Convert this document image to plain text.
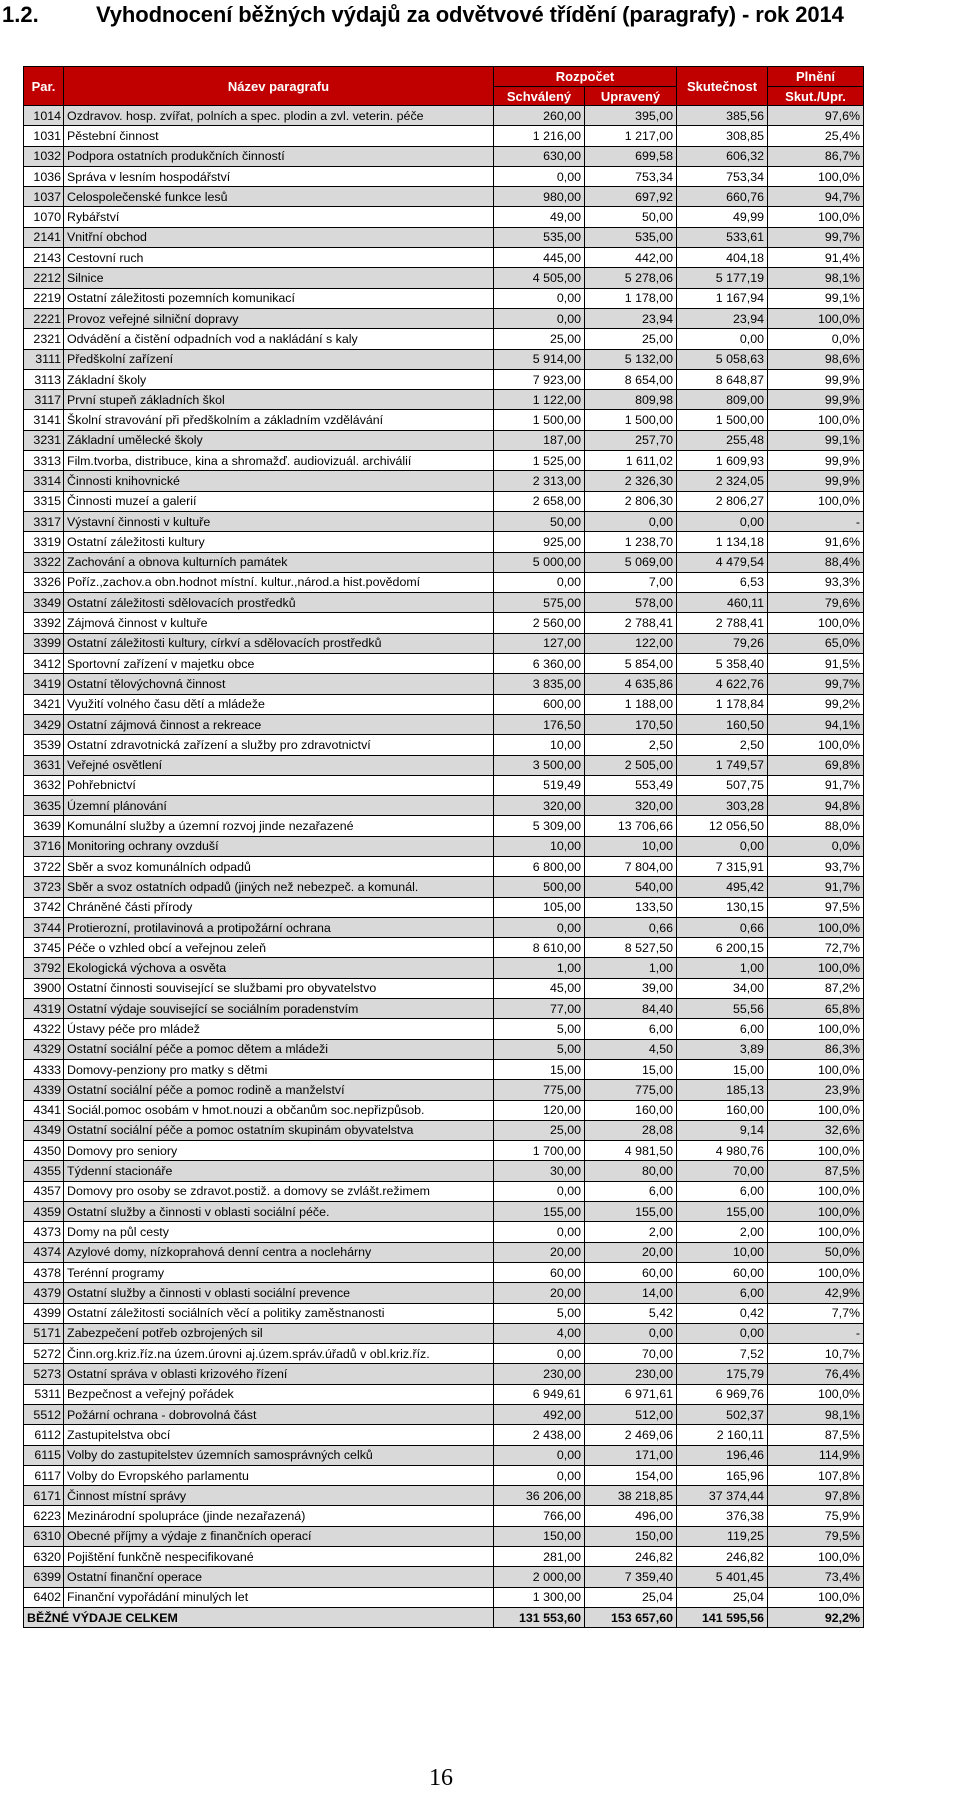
1.2.	Vyhodnocení běžných výdajů za odvětvové třídění (paragrafy) - rok 2014
Par.	Název paragrafu	Rozpočet		Skutečnost	Plnění
		Schválený	Upravený		Skut./Upr.
1014	Ozdravov. hosp. zvířat, polních a spec. plodin a zvl. veterin. péče	260,00	395,00	385,56	97,6%
1031	Pěstební činnost	1 216,00	1 217,00	308,85	25,4%
1032	Podpora ostatních produkčních činností	630,00	699,58	606,32	86,7%
1036	Správa v lesním hospodářství	0,00	753,34	753,34	100,0%
1037	Celospolečenské funkce lesů	980,00	697,92	660,76	94,7%
1070	Rybářství	49,00	50,00	49,99	100,0%
2141	Vnitřní obchod	535,00	535,00	533,61	99,7%
2143	Cestovní ruch	445,00	442,00	404,18	91,4%
2212	Silnice	4 505,00	5 278,06	5 177,19	98,1%
2219	Ostatní záležitosti pozemních komunikací	0,00	1 178,00	1 167,94	99,1%
2221	Provoz veřejné silniční dopravy	0,00	23,94	23,94	100,0%
2321	Odvádění a čistění odpadních vod a nakládání s kaly	25,00	25,00	0,00	0,0%
3111	Předškolní zařízení	5 914,00	5 132,00	5 058,63	98,6%
3113	Základní školy	7 923,00	8 654,00	8 648,87	99,9%
3117	První stupeň základních škol	1 122,00	809,98	809,00	99,9%
3141	Školní stravování při předškolním a základním vzdělávání	1 500,00	1 500,00	1 500,00	100,0%
3231	Základní umělecké školy	187,00	257,70	255,48	99,1%
3313	Film.tvorba, distribuce, kina a shromažď. audiovizuál. archiválií	1 525,00	1 611,02	1 609,93	99,9%
3314	Činnosti knihovnické	2 313,00	2 326,30	2 324,05	99,9%
3315	Činnosti muzeí a galerií	2 658,00	2 806,30	2 806,27	100,0%
3317	Výstavní činnosti v kultuře	50,00	0,00	0,00	-
3319	Ostatní záležitosti kultury	925,00	1 238,70	1 134,18	91,6%
3322	Zachování a obnova kulturních památek	5 000,00	5 069,00	4 479,54	88,4%
3326	Poříz.,zachov.a obn.hodnot místní. kultur.,národ.a hist.povědomí	0,00	7,00	6,53	93,3%
3349	Ostatní záležitosti sdělovacích prostředků	575,00	578,00	460,11	79,6%
3392	Zájmová činnost v kultuře	2 560,00	2 788,41	2 788,41	100,0%
3399	Ostatní záležitosti kultury, církví a sdělovacích prostředků	127,00	122,00	79,26	65,0%
3412	Sportovní zařízení v majetku obce	6 360,00	5 854,00	5 358,40	91,5%
3419	Ostatní tělovýchovná činnost	3 835,00	4 635,86	4 622,76	99,7%
3421	Využití volného času dětí a mládeže	600,00	1 188,00	1 178,84	99,2%
3429	Ostatní zájmová činnost a rekreace	176,50	170,50	160,50	94,1%
3539	Ostatní zdravotnická zařízení a služby pro zdravotnictví	10,00	2,50	2,50	100,0%
3631	Veřejné osvětlení	3 500,00	2 505,00	1 749,57	69,8%
3632	Pohřebnictví	519,49	553,49	507,75	91,7%
3635	Územní plánování	320,00	320,00	303,28	94,8%
3639	Komunální služby a územní rozvoj jinde nezařazené	5 309,00	13 706,66	12 056,50	88,0%
3716	Monitoring ochrany ovzduší	10,00	10,00	0,00	0,0%
3722	Sběr a svoz komunálních odpadů	6 800,00	7 804,00	7 315,91	93,7%
3723	Sběr a svoz ostatních odpadů (jiných než nebezpeč. a komunál.	500,00	540,00	495,42	91,7%
3742	Chráněné části přírody	105,00	133,50	130,15	97,5%
3744	Protierozní, protilavinová a protipožární ochrana	0,00	0,66	0,66	100,0%
3745	Péče o vzhled obcí a veřejnou zeleň	8 610,00	8 527,50	6 200,15	72,7%
3792	Ekologická výchova a osvěta	1,00	1,00	1,00	100,0%
3900	Ostatní činnosti související se službami pro obyvatelstvo	45,00	39,00	34,00	87,2%
4319	Ostatní výdaje související se sociálním poradenstvím	77,00	84,40	55,56	65,8%
4322	Ústavy péče pro mládež	5,00	6,00	6,00	100,0%
4329	Ostatní sociální péče a pomoc dětem a mládeži	5,00	4,50	3,89	86,3%
4333	Domovy-penziony pro matky s dětmi	15,00	15,00	15,00	100,0%
4339	Ostatní sociální péče a pomoc rodině a manželství	775,00	775,00	185,13	23,9%
4341	Sociál.pomoc osobám v hmot.nouzi a občanům soc.nepřizpůsob.	120,00	160,00	160,00	100,0%
4349	Ostatní sociální péče a pomoc ostatním skupinám obyvatelstva	25,00	28,08	9,14	32,6%
4350	Domovy pro seniory	1 700,00	4 981,50	4 980,76	100,0%
4355	Týdenní stacionáře	30,00	80,00	70,00	87,5%
4357	Domovy pro osoby se zdravot.postiž. a domovy se zvlášt.režimem	0,00	6,00	6,00	100,0%
4359	Ostatní služby a činnosti v oblasti sociální péče.	155,00	155,00	155,00	100,0%
4373	Domy na půl cesty	0,00	2,00	2,00	100,0%
4374	Azylové domy, nízkoprahová denní centra a noclehárny	20,00	20,00	10,00	50,0%
4378	Terénní programy	60,00	60,00	60,00	100,0%
4379	Ostatní služby a činnosti v oblasti sociální prevence	20,00	14,00	6,00	42,9%
4399	Ostatní záležitosti sociálních věcí a politiky zaměstnanosti	5,00	5,42	0,42	7,7%
5171	Zabezpečení potřeb ozbrojených sil	4,00	0,00	0,00	-
5272	Činn.org.kriz.říz.na územ.úrovni aj.územ.správ.úřadů v obl.kriz.říz.	0,00	70,00	7,52	10,7%
5273	Ostatní správa v oblasti krizového řízení	230,00	230,00	175,79	76,4%
5311	Bezpečnost a veřejný pořádek	6 949,61	6 971,61	6 969,76	100,0%
5512	Požární ochrana - dobrovolná část	492,00	512,00	502,37	98,1%
6112	Zastupitelstva obcí	2 438,00	2 469,06	2 160,11	87,5%
6115	Volby do zastupitelstev územních samosprávných celků	0,00	171,00	196,46	114,9%
6117	Volby do Evropského parlamentu	0,00	154,00	165,96	107,8%
6171	Činnost místní správy	36 206,00	38 218,85	37 374,44	97,8%
6223	Mezinárodní spolupráce (jinde nezařazená)	766,00	496,00	376,38	75,9%
6310	Obecné příjmy a výdaje z finančních operací	150,00	150,00	119,25	79,5%
6320	Pojištění funkčně nespecifikované	281,00	246,82	246,82	100,0%
6399	Ostatní finanční operace	2 000,00	7 359,40	5 401,45	73,4%
6402	Finanční vypořádání minulých let	1 300,00	25,04	25,04	100,0%
BĚŽNÉ VÝDAJE CELKEM		131 553,60	153 657,60	141 595,56	92,2%
16
